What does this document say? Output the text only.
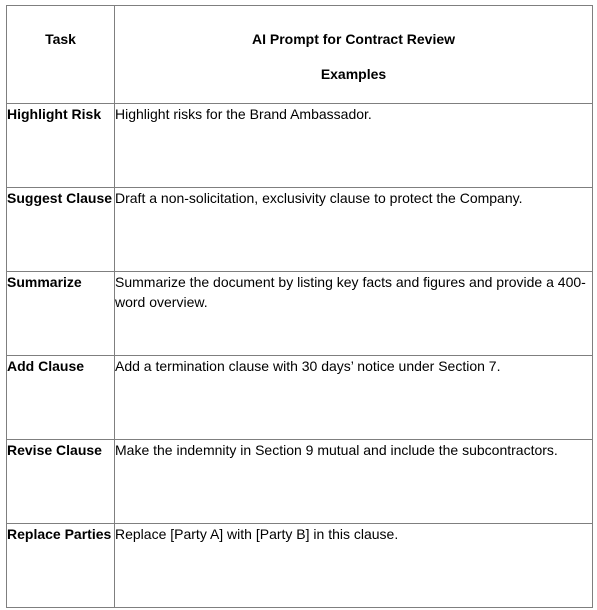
Task	AI Prompt for Contract Review
Examples

Highlight Risk	Highlight risks for the Brand Ambassador.
Suggest Clause	Draft a non-solicitation, exclusivity clause to protect the Company.
Summarize	Summarize the document by listing key facts and figures and provide a 400-word overview.
Add Clause	Add a termination clause with 30 days’ notice under Section 7.
Revise Clause	Make the indemnity in Section 9 mutual and include the subcontractors.
Replace Parties	Replace [Party A] with [Party B] in this clause.
